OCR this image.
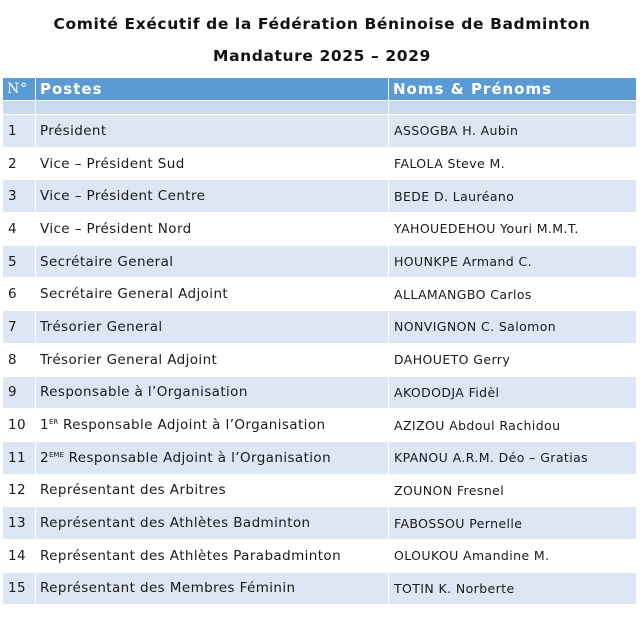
Comité Exécutif de la Fédération Béninoise de Badminton
Mandature 2025 – 2029
N°	Postes	Noms & Prénoms

1	Président	ASSOGBA H. Aubin
2	Vice – Président Sud	FALOLA Steve M.
3	Vice – Président Centre	BEDE D. Lauréano
4	Vice – Président Nord	YAHOUEDEHOU Youri M.M.T.
5	Secrétaire General	HOUNKPE Armand C.
6	Secrétaire General Adjoint	ALLAMANGBO Carlos
7	Trésorier General	NONVIGNON C. Salomon
8	Trésorier General Adjoint	DAHOUETO Gerry
9	Responsable à l’Organisation	AKODODJA Fidèl
10	1ER Responsable Adjoint à l’Organisation	AZIZOU Abdoul Rachidou
11	2EME Responsable Adjoint à l’Organisation	KPANOU A.R.M. Déo – Gratias
12	Représentant des Arbitres	ZOUNON Fresnel
13	Représentant des Athlètes Badminton	FABOSSOU Pernelle
14	Représentant des Athlètes Parabadminton	OLOUKOU Amandine M.
15	Représentant des Membres Féminin	TOTIN K. Norberte
